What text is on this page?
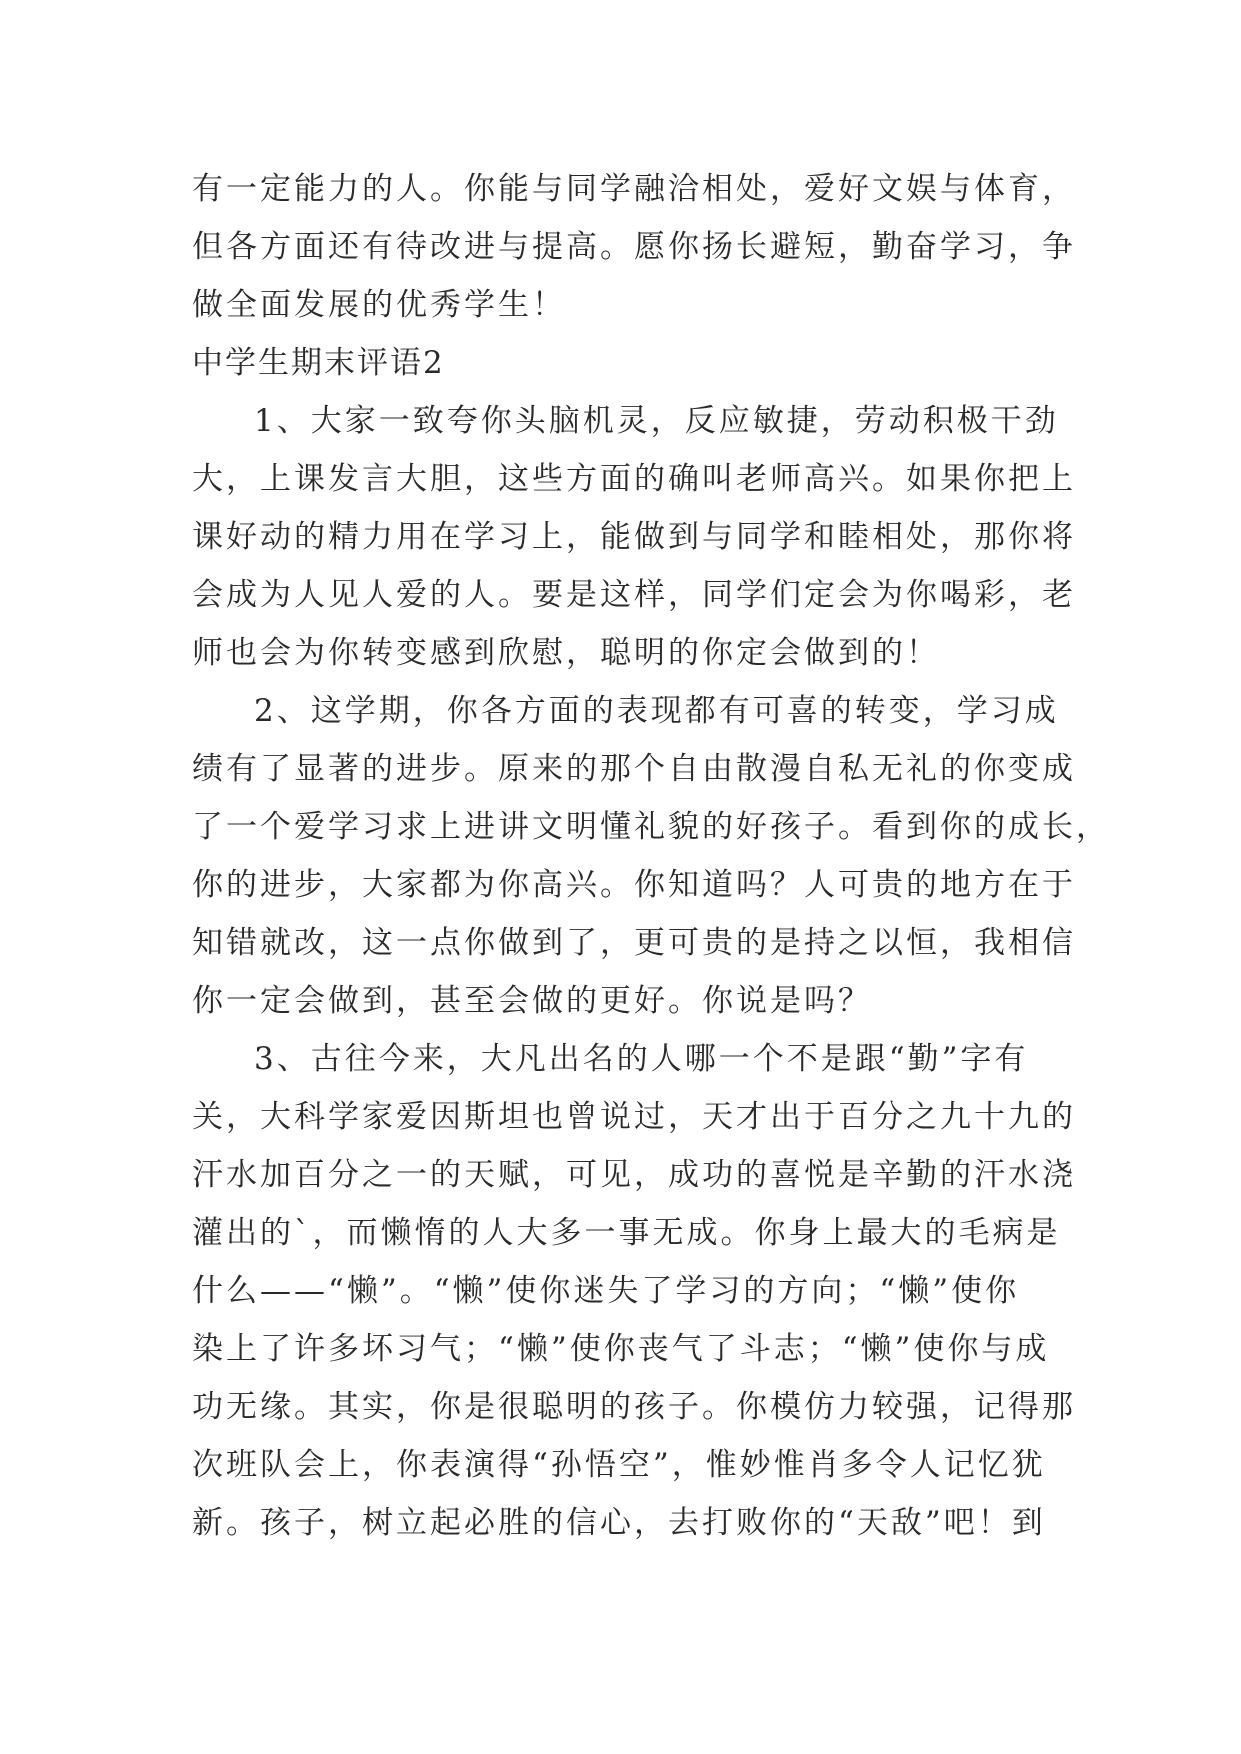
有一定能力的人。你能与同学融洽相处，爱好文娱与体育，
但各方面还有待改进与提高。愿你扬长避短，勤奋学习，争
做全面发展的优秀学生！
中学生期末评语2
1、大家一致夸你头脑机灵，反应敏捷，劳动积极干劲
大，上课发言大胆，这些方面的确叫老师高兴。如果你把上
课好动的精力用在学习上，能做到与同学和睦相处，那你将
会成为人见人爱的人。要是这样，同学们定会为你喝彩，老
师也会为你转变感到欣慰，聪明的你定会做到的！
2、这学期，你各方面的表现都有可喜的转变，学习成
绩有了显著的进步。原来的那个自由散漫自私无礼的你变成
了一个爱学习求上进讲文明懂礼貌的好孩子。看到你的成长，
你的进步，大家都为你高兴。你知道吗？人可贵的地方在于
知错就改，这一点你做到了，更可贵的是持之以恒，我相信
你一定会做到，甚至会做的更好。你说是吗？
3、古往今来，大凡出名的人哪一个不是跟“勤”字有
关，大科学家爱因斯坦也曾说过，天才出于百分之九十九的
汗水加百分之一的天赋，可见，成功的喜悦是辛勤的汗水浇
灌出的`，而懒惰的人大多一事无成。你身上最大的毛病是
什么——“懒”。“懒”使你迷失了学习的方向；“懒”使你
染上了许多坏习气；“懒”使你丧气了斗志；“懒”使你与成
功无缘。其实，你是很聪明的孩子。你模仿力较强，记得那
次班队会上，你表演得“孙悟空”，惟妙惟肖多令人记忆犹
新。孩子，树立起必胜的信心，去打败你的“天敌”吧！到
